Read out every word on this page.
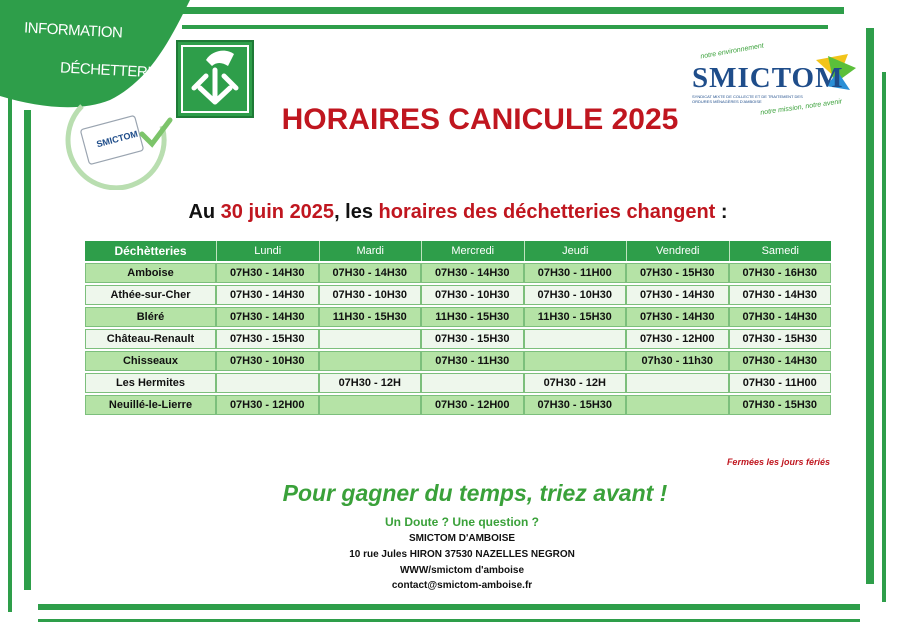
INFORMATION
DÉCHETTERIE
SMICTOM
notre environnement
SMICTOM
SYNDICAT MIXTE DE COLLECTE ET DE TRAITEMENT DES ORDURES MÉNAGÈRES D'AMBOISE
notre mission, notre avenir
HORAIRES CANICULE 2025
Au 30 juin 2025, les horaires des déchetteries changent :
Déchètteries	Lundi	Mardi	Mercredi	Jeudi	Vendredi	Samedi
Amboise	07H30 - 14H30	07H30 - 14H30	07H30 - 14H30	07H30 - 11H00	07H30 - 15H30	07H30 - 16H30
Athée-sur-Cher	07H30 - 14H30	07H30 - 10H30	07H30 - 10H30	07H30 - 10H30	07H30 - 14H30	07H30 - 14H30
Bléré	07H30 - 14H30	11H30 - 15H30	11H30 - 15H30	11H30 - 15H30	07H30 - 14H30	07H30 - 14H30
Château-Renault	07H30 - 15H30		07H30 - 15H30		07H30 - 12H00	07H30 - 15H30
Chisseaux	07H30 - 10H30		07H30 - 11H30		07h30 - 11h30	07H30 - 14H30
Les Hermites		07H30 - 12H		07H30 - 12H		07H30 - 11H00
Neuillé-le-Lierre	07H30 - 12H00		07H30 - 12H00	07H30 - 15H30		07H30 - 15H30
Fermées les jours fériés
Pour gagner du temps, triez avant !
Un Doute ? Une question ?
SMICTOM D'AMBOISE
10 rue Jules HIRON 37530 NAZELLES NEGRON
WWW/smictom d'amboise
contact@smictom-amboise.fr
